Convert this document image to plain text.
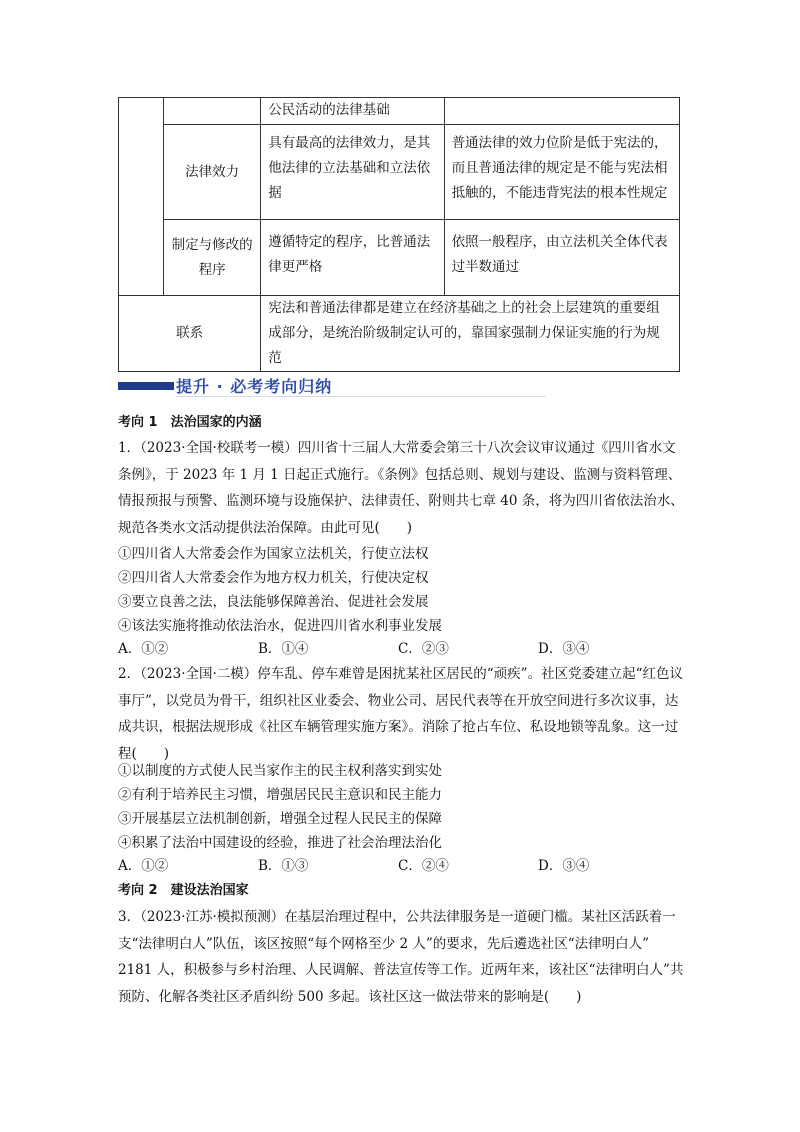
		公民活动的法律基础	
	法律效力	具有最高的法律效力，是其他法律的立法基础和立法依据	普通法律的效力位阶是低于宪法的，而且普通法律的规定是不能与宪法相抵触的，不能违背宪法的根本性规定
	制定与修改的程序	遵循特定的程序，比普通法律更严格	依照一般程序，由立法机关全体代表过半数通过
联系		宪法和普通法律都是建立在经济基础之上的社会上层建筑的重要组成部分，是统治阶级制定认可的，靠国家强制力保证实施的行为规范	
提升 · 必考考向归纳
考向 1　法治国家的内涵
1．（2023·全国·校联考一模）四川省十三届人大常委会第三十八次会议审议通过《四川省水文条例》，于 2023 年 1 月 1 日起正式施行。《条例》包括总则、规划与建设、监测与资料管理、情报预报与预警、监测环境与设施保护、法律责任、附则共七章 40 条，将为四川省依法治水、规范各类水文活动提供法治保障。由此可见(　　)
①四川省人大常委会作为国家立法机关，行使立法权
②四川省人大常委会作为地方权力机关，行使决定权
③要立良善之法，良法能够保障善治、促进社会发展
④该法实施将推动依法治水，促进四川省水利事业发展
A．①②	B．①④	C．②③	D．③④
2．（2023·全国·二模）停车乱、停车难曾是困扰某社区居民的“顽疾”。社区党委建立起“红色议事厅”，以党员为骨干，组织社区业委会、物业公司、居民代表等在开放空间进行多次议事，达成共识，根据法规形成《社区车辆管理实施方案》。消除了抢占车位、私设地锁等乱象。这一过程(　　)
①以制度的方式使人民当家作主的民主权利落实到实处
②有利于培养民主习惯，增强居民民主意识和民主能力
③开展基层立法机制创新，增强全过程人民民主的保障
④积累了法治中国建设的经验，推进了社会治理法治化
A．①②	B．①③	C．②④	D．③④
考向 2　建设法治国家
3．（2023·江苏·模拟预测）在基层治理过程中，公共法律服务是一道硬门槛。某社区活跃着一支“法律明白人”队伍，该区按照“每个网格至少 2 人”的要求，先后遴选社区“法律明白人” 2181 人，积极参与乡村治理、人民调解、普法宣传等工作。近两年来，该社区“法律明白人”共预防、化解各类社区矛盾纠纷 500 多起。该社区这一做法带来的影响是(　　)
